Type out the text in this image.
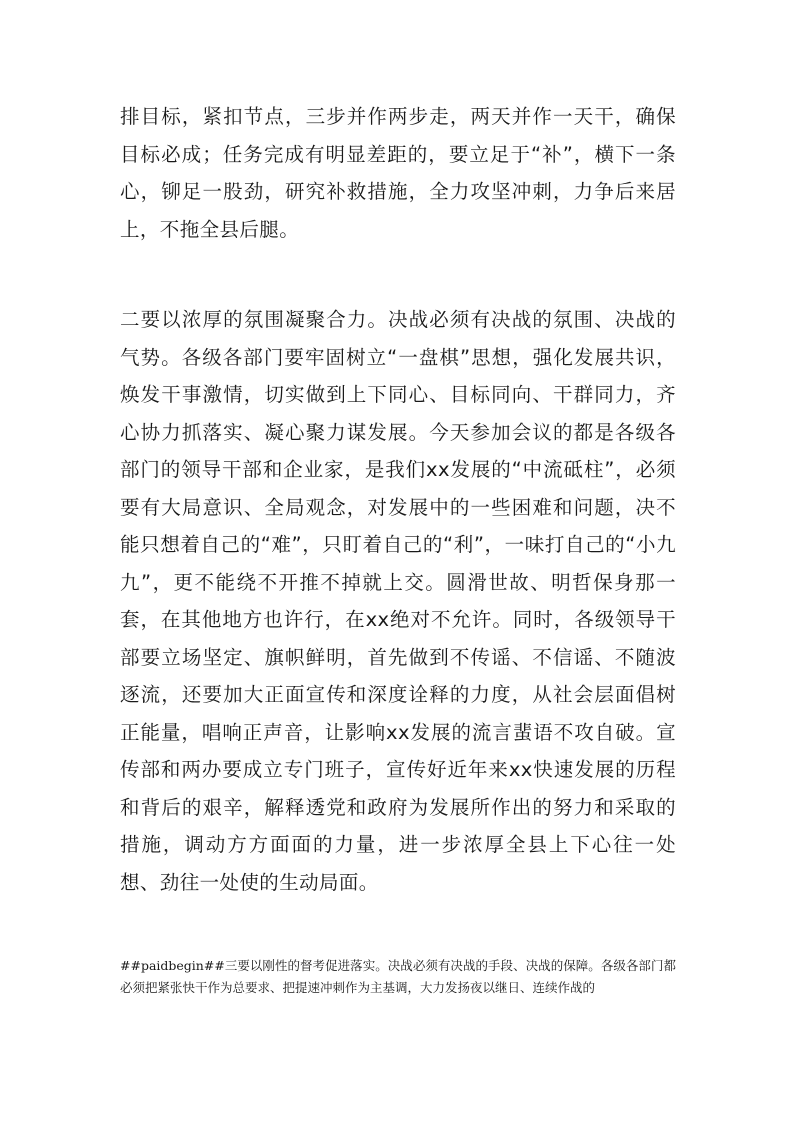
排目标，紧扣节点，三步并作两步走，两天并作一天干，确保目标必成；任务完成有明显差距的，要立足于“补”，横下一条心，铆足一股劲，研究补救措施，全力攻坚冲刺，力争后来居上，不拖全县后腿。

二要以浓厚的氛围凝聚合力。决战必须有决战的氛围、决战的气势。各级各部门要牢固树立“一盘棋”思想，强化发展共识，焕发干事激情，切实做到上下同心、目标同向、干群同力，齐心协力抓落实、凝心聚力谋发展。今天参加会议的都是各级各部门的领导干部和企业家，是我们xx发展的“中流砥柱”，必须要有大局意识、全局观念，对发展中的一些困难和问题，决不能只想着自己的“难”，只盯着自己的“利”，一味打自己的“小九九”，更不能绕不开推不掉就上交。圆滑世故、明哲保身那一套，在其他地方也许行，在xx绝对不允许。同时，各级领导干部要立场坚定、旗帜鲜明，首先做到不传谣、不信谣、不随波逐流，还要加大正面宣传和深度诠释的力度，从社会层面倡树正能量，唱响正声音，让影响xx发展的流言蜚语不攻自破。宣传部和两办要成立专门班子，宣传好近年来xx快速发展的历程和背后的艰辛，解释透党和政府为发展所作出的努力和采取的措施，调动方方面面的力量，进一步浓厚全县上下心往一处想、劲往一处使的生动局面。

##paidbegin##三要以刚性的督考促进落实。决战必须有决战的手段、决战的保障。各级各部门都必须把紧张快干作为总要求、把提速冲刺作为主基调，大力发扬夜以继日、连续作战的
